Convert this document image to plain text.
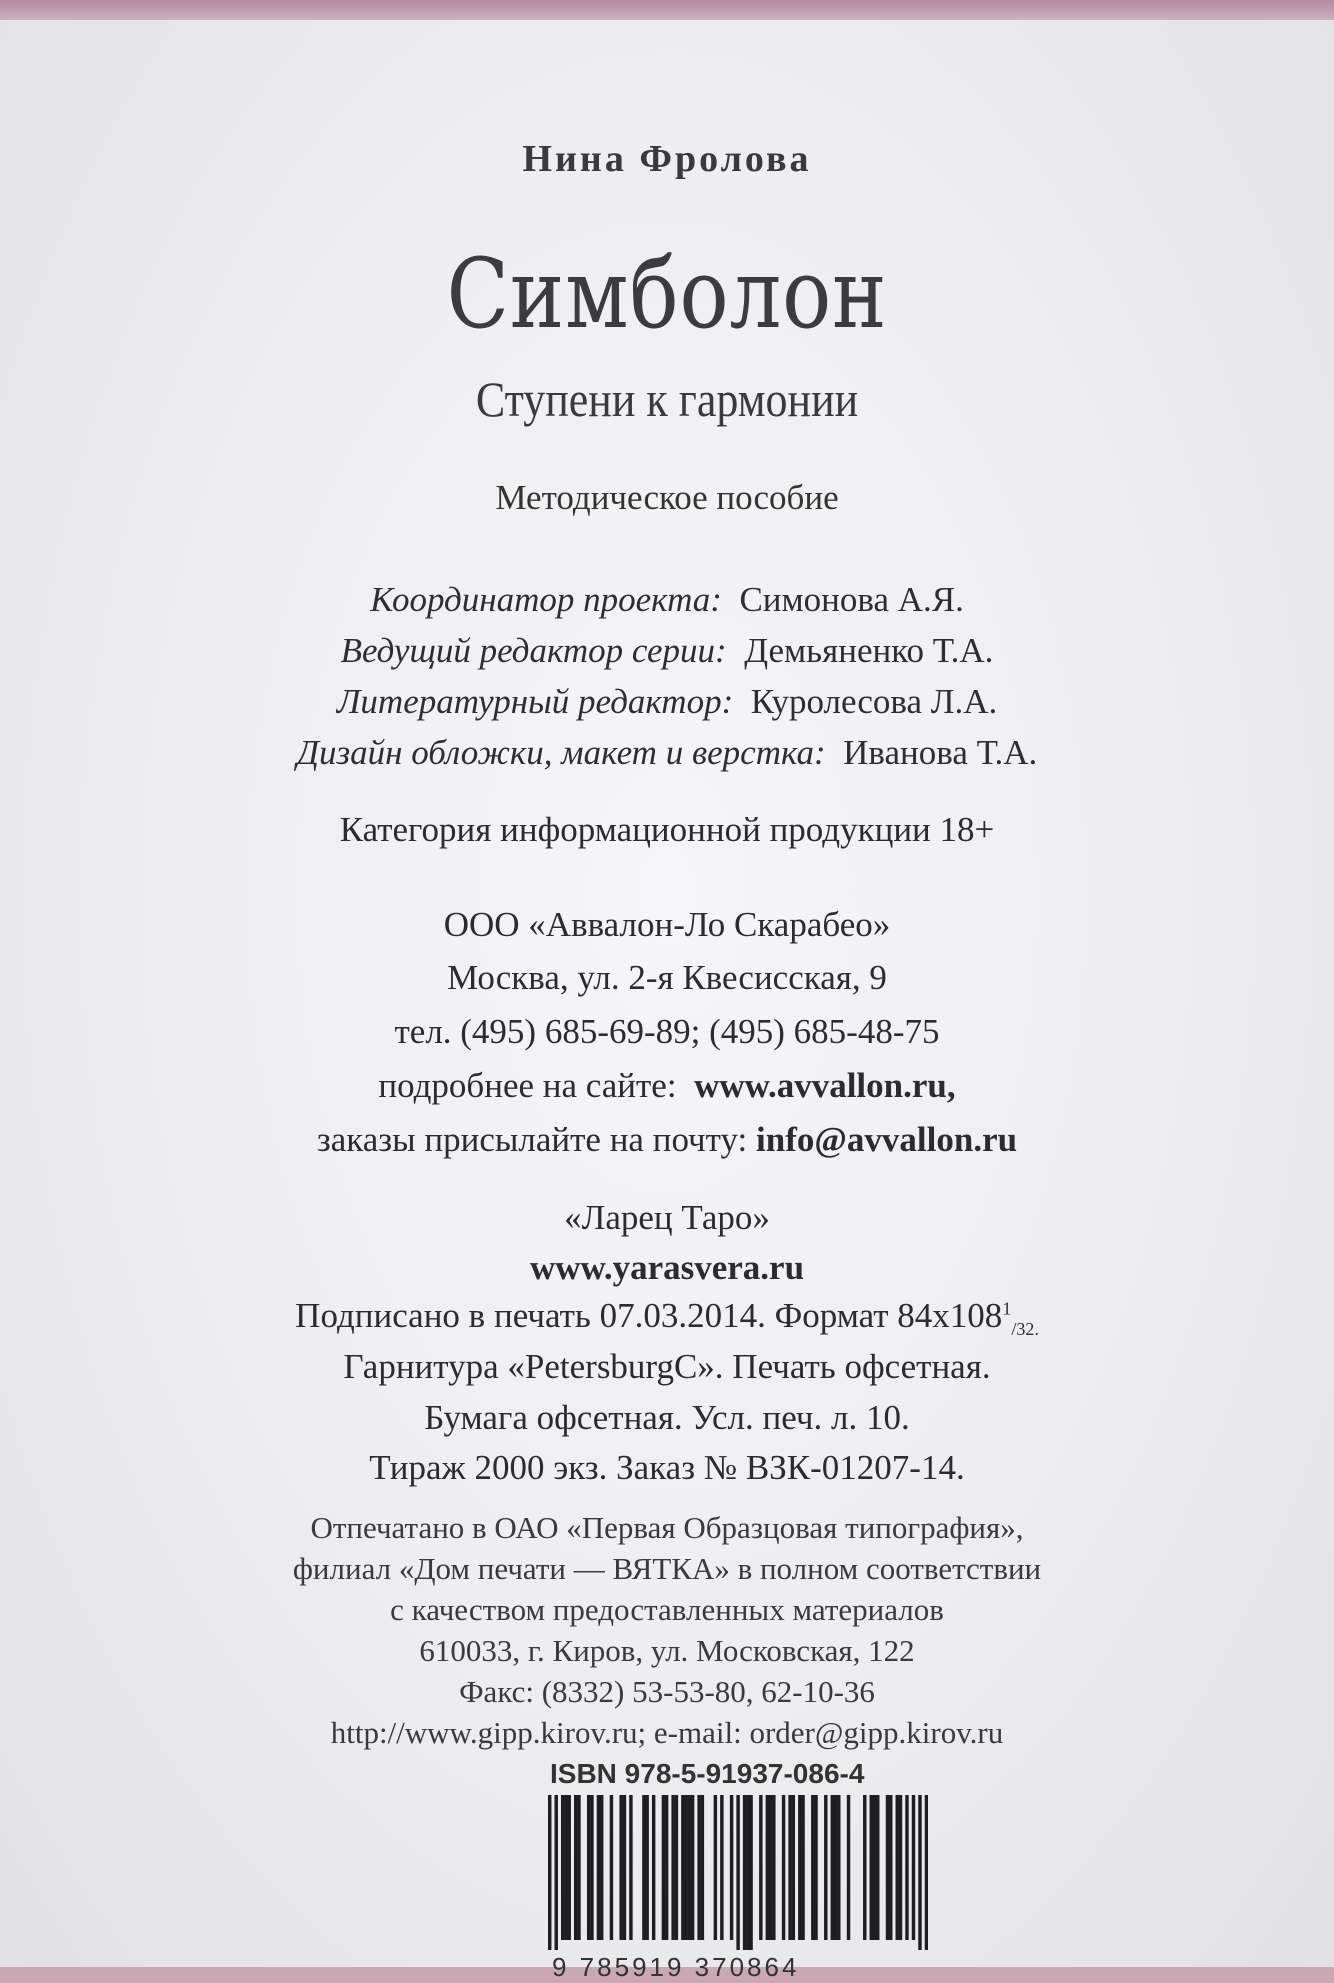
Нина Фролова
Симболон
Ступени к гармонии
Методическое пособие
Координатор проекта: Симонова А.Я.
Ведущий редактор серии: Демьяненко Т.А.
Литературный редактор: Куролесова Л.А.
Дизайн обложки, макет и верстка: Иванова Т.А.
Категория информационной продукции 18+
ООО «Аввалон-Ло Скарабео»
Москва, ул. 2-я Квесисская, 9
тел. (495) 685-69-89; (495) 685-48-75
подробнее на сайте: www.avvallon.ru,
заказы присылайте на почту: info@avvallon.ru
«Ларец Таро»
www.yarasvera.ru
Подписано в печать 07.03.2014. Формат $84x108^1_{/32.}$
Гарнитура «PetersburgC». Печать офсетная.
Бумага офсетная. Усл. печ. л. 10.
Тираж 2000 экз. Заказ № ВЗК-01207-14.
Отпечатано в ОАО «Первая Образцовая типография»,
филиал «Дом печати — ВЯТКА» в полном соответствии
с качеством предоставленных материалов
610033, г. Киров, ул. Московская, 122
Факс: (8332) 53-53-80, 62-10-36
http://www.gipp.kirov.ru; e-mail: order@gipp.kirov.ru
ISBN 978-5-91937-086-4
9 785919 370864
